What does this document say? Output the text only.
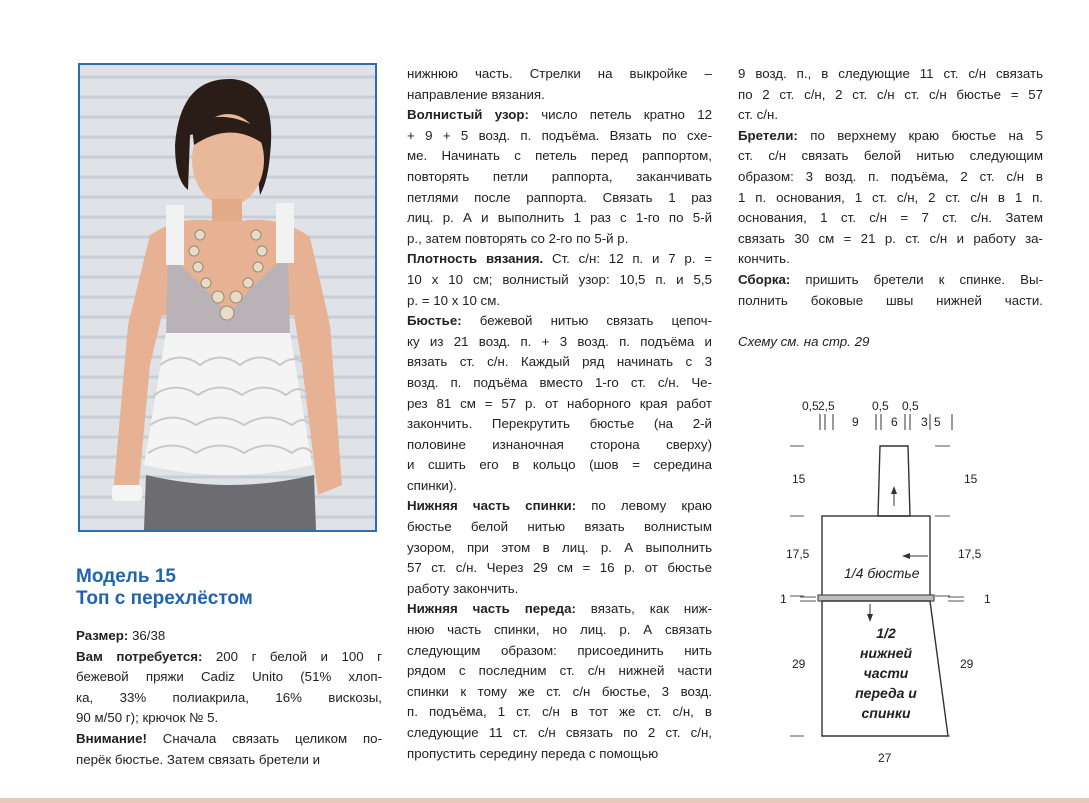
Модель 15
Топ с перехлёстом
Размер: 36/38
Вам потребуется: 200 г белой и 100 г
бежевой пряжи Cadiz Unito (51% хлоп-
ка, 33% полиакрила, 16% вискозы,
90 м/50 г); крючок № 5.
Внимание! Сначала связать целиком по-
перёк бюстье. Затем связать бретели и
нижнюю часть. Стрелки на выкройке –
направление вязания.
Волнистый узор: число петель кратно 12
+ 9 + 5 возд. п. подъёма. Вязать по схе-
ме. Начинать с петель перед раппортом,
повторять петли раппорта, заканчивать
петлями после раппорта. Связать 1 раз
лиц. р. А и выполнить 1 раз с 1-го по 5-й
р., затем повторять со 2-го по 5-й р.
Плотность вязания. Ст. с/н: 12 п. и 7 р. =
10 х 10 см; волнистый узор: 10,5 п. и 5,5
р. = 10 х 10 см.
Бюстье: бежевой нитью связать цепоч-
ку из 21 возд. п. + 3 возд. п. подъёма и
вязать ст. с/н. Каждый ряд начинать с 3
возд. п. подъёма вместо 1-го ст. с/н. Че-
рез 81 см = 57 р. от наборного края работ
закончить. Перекрутить бюстье (на 2-й
половине изнаночная сторона сверху)
и сшить его в кольцо (шов = середина
спинки).
Нижняя часть спинки: по левому краю
бюстье белой нитью вязать волнистым
узором, при этом в лиц. р. А выполнить
57 ст. с/н. Через 29 см = 16 р. от бюстье
работу закончить.
Нижняя часть переда: вязать, как ниж-
нюю часть спинки, но лиц. р. А связать
следующим образом: присоединить нить
рядом с последним ст. с/н нижней части
спинки к тому же ст. с/н бюстье, 3 возд.
п. подъёма, 1 ст. с/н в тот же ст. с/н, в
следующие 11 ст. с/н связать по 2 ст. с/н,
пропустить середину переда с помощью
9 возд. п., в следующие 11 ст. с/н связать
по 2 ст. с/н, 2 ст. с/н ст. с/н бюстье = 57
ст. с/н.
Бретели: по верхнему краю бюстье на 5
ст. с/н связать белой нитью следующим
образом: 3 возд. п. подъёма, 2 ст. с/н в
1 п. основания, 1 ст. с/н, 2 ст. с/н в 1 п.
основания, 1 ст. с/н = 7 ст. с/н. Затем
связать 30 см = 21 р. ст. с/н и работу за-
кончить.
Сборка: пришить бретели к спинке. Вы-
полнить боковые швы нижней части.
Схему см. на стр. 29
0,5 2,5
9
0,5
6
0,5
3 5
15
17,5
1
29
15
17,5
1
29
27
1/4 бюстье
1/2
нижней
части
переда и
спинки
